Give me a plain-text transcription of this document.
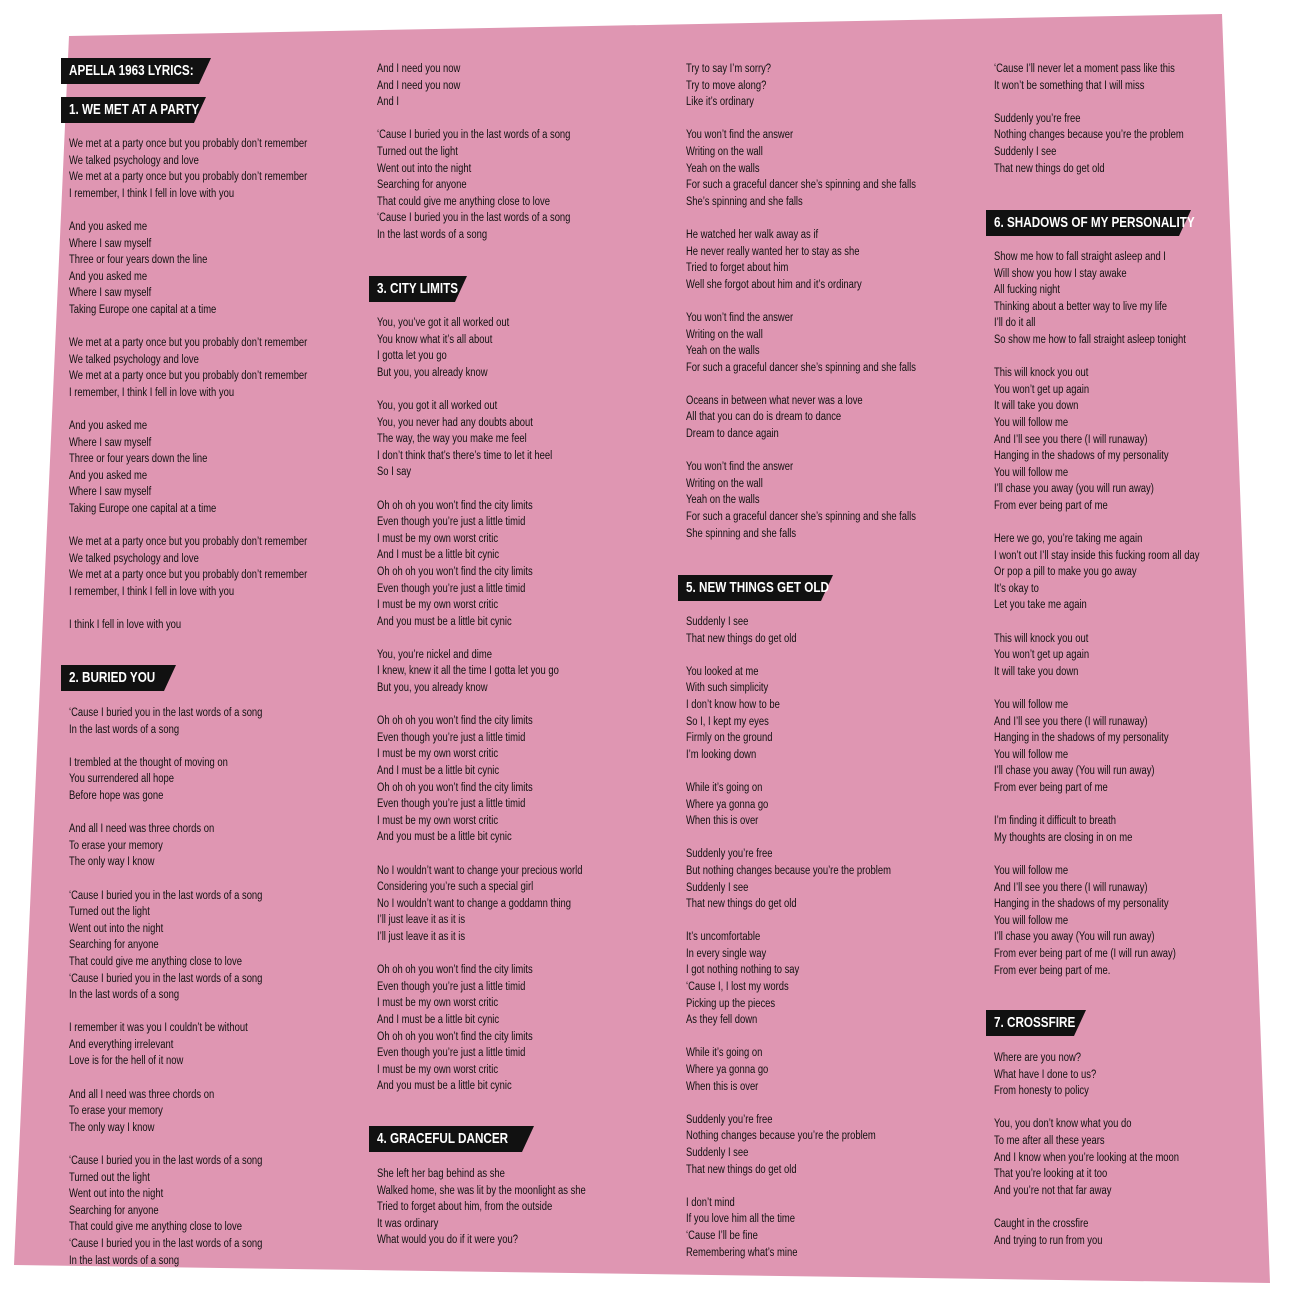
APELLA 1963 LYRICS:
1. WE MET AT A PARTY
We met at a party once but you probably don’t remember
We talked psychology and love
We met at a party once but you probably don’t remember
I remember, I think I fell in love with you

And you asked me
Where I saw myself
Three or four years down the line
And you asked me
Where I saw myself
Taking Europe one capital at a time

We met at a party once but you probably don’t remember
We talked psychology and love
We met at a party once but you probably don’t remember
I remember, I think I fell in love with you

And you asked me
Where I saw myself
Three or four years down the line
And you asked me
Where I saw myself
Taking Europe one capital at a time

We met at a party once but you probably don’t remember
We talked psychology and love
We met at a party once but you probably don’t remember
I remember, I think I fell in love with you

I think I fell in love with you
2. BURIED YOU
‘Cause I buried you in the last words of a song
In the last words of a song

I trembled at the thought of moving on
You surrendered all hope
Before hope was gone

And all I need was three chords on
To erase your memory
The only way I know

‘Cause I buried you in the last words of a song
Turned out the light
Went out into the night
Searching for anyone
That could give me anything close to love
‘Cause I buried you in the last words of a song
In the last words of a song

I remember it was you I couldn’t be without
And everything irrelevant
Love is for the hell of it now

And all I need was three chords on
To erase your memory
The only way I know

‘Cause I buried you in the last words of a song
Turned out the light
Went out into the night
Searching for anyone
That could give me anything close to love
‘Cause I buried you in the last words of a song
In the last words of a song
And I need you now
And I need you now
And I

‘Cause I buried you in the last words of a song
Turned out the light
Went out into the night
Searching for anyone
That could give me anything close to love
‘Cause I buried you in the last words of a song
In the last words of a song
3. CITY LIMITS
You, you’ve got it all worked out
You know what it’s all about
I gotta let you go
But you, you already know

You, you got it all worked out
You, you never had any doubts about
The way, the way you make me feel
I don’t think that’s there’s time to let it heel
So I say

Oh oh oh you won’t find the city limits
Even though you’re just a little timid
I must be my own worst critic
And I must be a little bit cynic
Oh oh oh you won’t find the city limits
Even though you’re just a little timid
I must be my own worst critic
And you must be a little bit cynic

You, you’re nickel and dime
I knew, knew it all the time I gotta let you go
But you, you already know

Oh oh oh you won’t find the city limits
Even though you’re just a little timid
I must be my own worst critic
And I must be a little bit cynic
Oh oh oh you won’t find the city limits
Even though you’re just a little timid
I must be my own worst critic
And you must be a little bit cynic

No I wouldn’t want to change your precious world
Considering you’re such a special girl
No I wouldn’t want to change a goddamn thing
I’ll just leave it as it is
I’ll just leave it as it is

Oh oh oh you won’t find the city limits
Even though you’re just a little timid
I must be my own worst critic
And I must be a little bit cynic
Oh oh oh you won’t find the city limits
Even though you’re just a little timid
I must be my own worst critic
And you must be a little bit cynic
4. GRACEFUL DANCER
She left her bag behind as she
Walked home, she was lit by the moonlight as she
Tried to forget about him, from the outside
It was ordinary
What would you do if it were you?
Try to say I’m sorry?
Try to move along?
Like it’s ordinary

You won’t find the answer
Writing on the wall
Yeah on the walls
For such a graceful dancer she’s spinning and she falls
She’s spinning and she falls

He watched her walk away as if
He never really wanted her to stay as she
Tried to forget about him
Well she forgot about him and it’s ordinary

You won’t find the answer
Writing on the wall
Yeah on the walls
For such a graceful dancer she’s spinning and she falls

Oceans in between what never was a love
All that you can do is dream to dance
Dream to dance again

You won’t find the answer
Writing on the wall
Yeah on the walls
For such a graceful dancer she’s spinning and she falls
She spinning and she falls
5. NEW THINGS GET OLD
Suddenly I see
That new things do get old

You looked at me
With such simplicity
I don’t know how to be
So I, I kept my eyes
Firmly on the ground
I’m looking down

While it’s going on
Where ya gonna go
When this is over

Suddenly you’re free
But nothing changes because you’re the problem
Suddenly I see
That new things do get old

It’s uncomfortable
In every single way
I got nothing nothing to say
‘Cause I, I lost my words
Picking up the pieces
As they fell down

While it’s going on
Where ya gonna go
When this is over

Suddenly you’re free
Nothing changes because you’re the problem
Suddenly I see
That new things do get old

I don’t mind
If you love him all the time
‘Cause I’ll be fine
Remembering what’s mine
‘Cause I’ll never let a moment pass like this
It won’t be something that I will miss

Suddenly you’re free
Nothing changes because you’re the problem
Suddenly I see
That new things do get old
6. SHADOWS OF MY PERSONALITY
Show me how to fall straight asleep and I
Will show you how I stay awake
All fucking night
Thinking about a better way to live my life
I’ll do it all
So show me how to fall straight asleep tonight

This will knock you out
You won’t get up again
It will take you down
You will follow me
And I’ll see you there (I will runaway)
Hanging in the shadows of my personality
You will follow me
I’ll chase you away (you will run away)
From ever being part of me

Here we go, you’re taking me again
I won’t out I’ll stay inside this fucking room all day
Or pop a pill to make you go away
It’s okay to
Let you take me again

This will knock you out
You won’t get up again
It will take you down

You will follow me
And I’ll see you there (I will runaway)
Hanging in the shadows of my personality
You will follow me
I’ll chase you away (You will run away)
From ever being part of me

I’m finding it difficult to breath
My thoughts are closing in on me

You will follow me
And I’ll see you there (I will runaway)
Hanging in the shadows of my personality
You will follow me
I’ll chase you away (You will run away)
From ever being part of me (I will run away)
From ever being part of me.
7. CROSSFIRE
Where are you now?
What have I done to us?
From honesty to policy

You, you don’t know what you do
To me after all these years
And I know when you’re looking at the moon
That you’re looking at it too
And you’re not that far away

Caught in the crossfire
And trying to run from you
